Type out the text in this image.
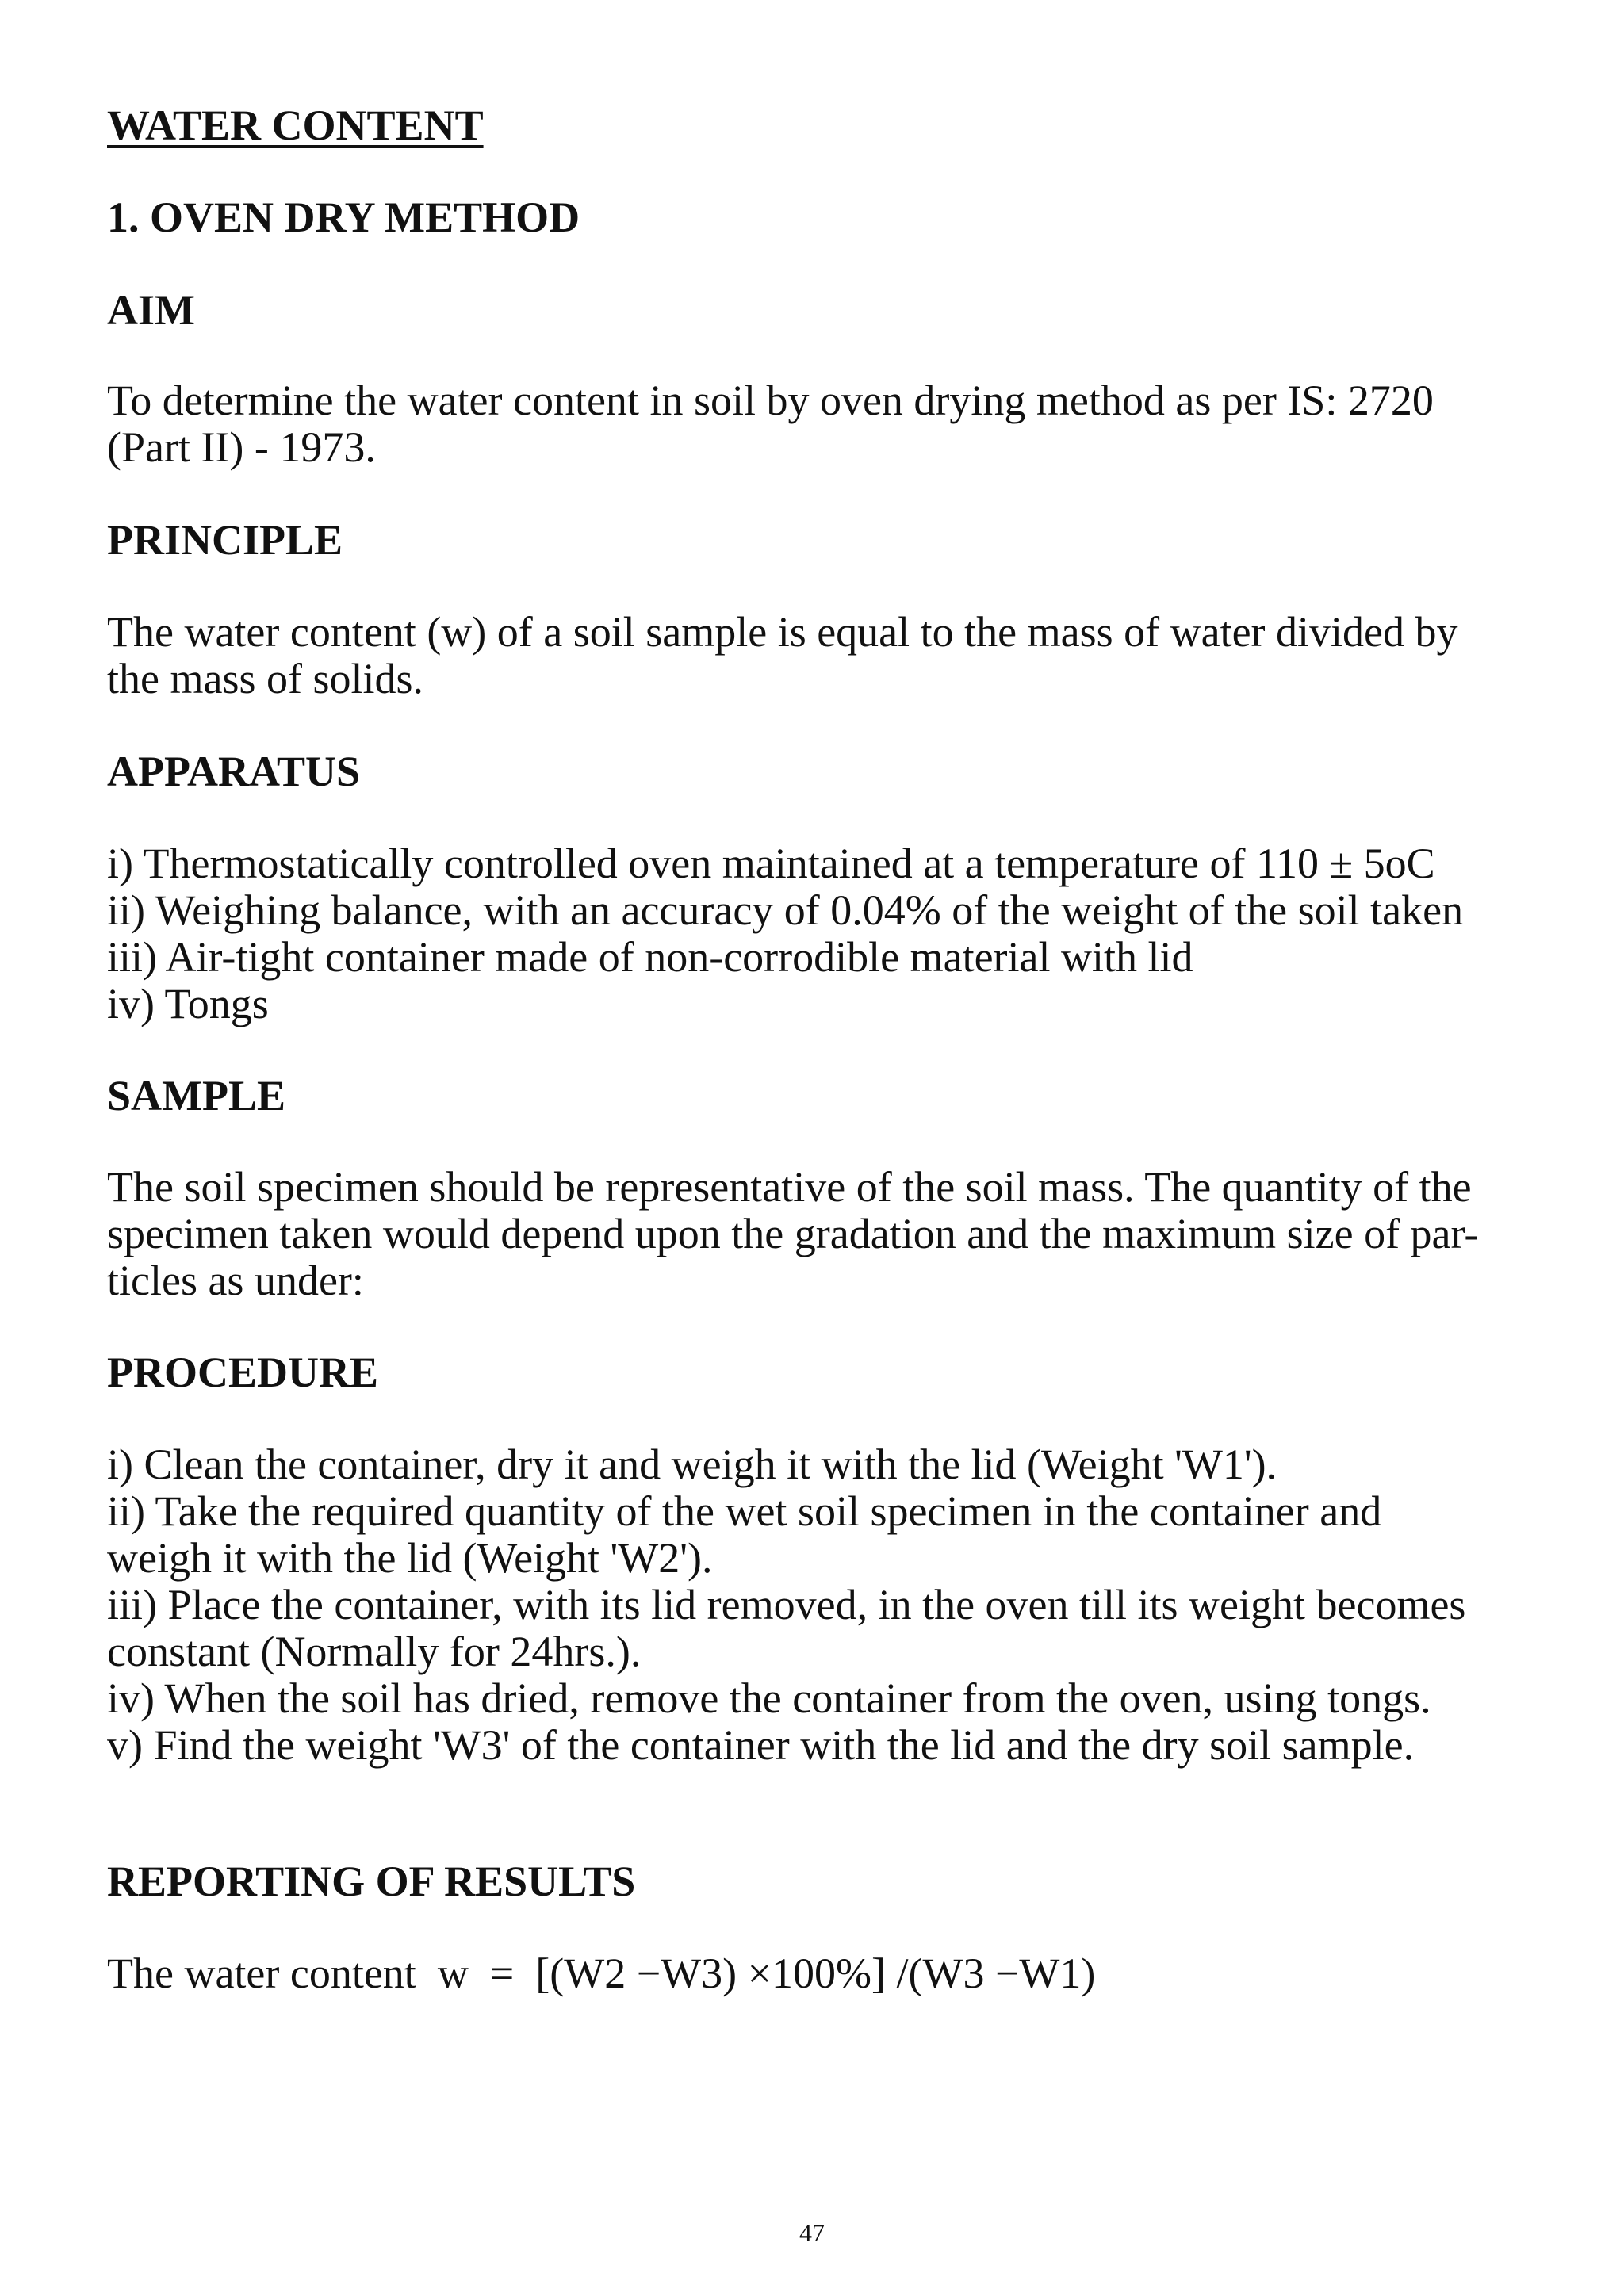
WATER CONTENT
1. OVEN DRY METHOD
AIM
To determine the water content in soil by oven drying method as per IS: 2720
(Part II) - 1973.
PRINCIPLE
The water content (w) of a soil sample is equal to the mass of water divided by
the mass of solids.
APPARATUS
i) Thermostatically controlled oven maintained at a temperature of 110 ± 5oC
ii) Weighing balance, with an accuracy of 0.04% of the weight of the soil taken
iii) Air-tight container made of non-corrodible material with lid
iv) Tongs
SAMPLE
The soil specimen should be representative of the soil mass. The quantity of the
specimen taken would depend upon the gradation and the maximum size of par-
ticles as under:
PROCEDURE
i) Clean the container, dry it and weigh it with the lid (Weight 'W1').
ii) Take the required quantity of the wet soil specimen in the container and
weigh it with the lid (Weight 'W2').
iii) Place the container, with its lid removed, in the oven till its weight becomes
constant (Normally for 24hrs.).
iv) When the soil has dried, remove the container from the oven, using tongs.
v) Find the weight 'W3' of the container with the lid and the dry soil sample.
REPORTING OF RESULTS
The water content  w  =  [(W2 −W3) ×100%] /(W3 −W1)
47
